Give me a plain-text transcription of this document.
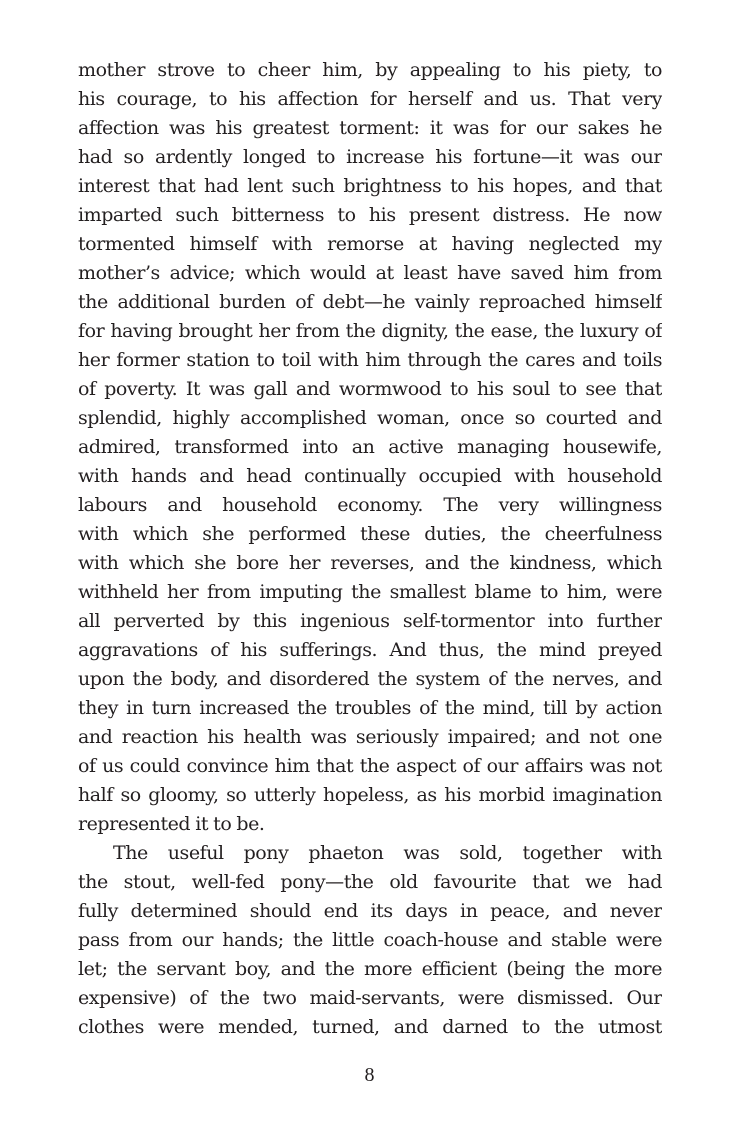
mother strove to cheer him, by appealing to his piety, to
his courage, to his affection for herself and us. That very
affection was his greatest torment: it was for our sakes he
had so ardently longed to increase his fortune—it was our
interest that had lent such brightness to his hopes, and that
imparted such bitterness to his present distress. He now
tormented himself with remorse at having neglected my
mother’s advice; which would at least have saved him from
the additional burden of debt—he vainly reproached himself
for having brought her from the dignity, the ease, the luxury of
her former station to toil with him through the cares and toils
of poverty. It was gall and wormwood to his soul to see that
splendid, highly accomplished woman, once so courted and
admired, transformed into an active managing housewife,
with hands and head continually occupied with household
labours and household economy. The very willingness
with which she performed these duties, the cheerfulness
with which she bore her reverses, and the kindness, which
withheld her from imputing the smallest blame to him, were
all perverted by this ingenious self-tormentor into further
aggravations of his sufferings. And thus, the mind preyed
upon the body, and disordered the system of the nerves, and
they in turn increased the troubles of the mind, till by action
and reaction his health was seriously impaired; and not one
of us could convince him that the aspect of our affairs was not
half so gloomy, so utterly hopeless, as his morbid imagination
represented it to be.
The useful pony phaeton was sold, together with
the stout, well-fed pony—the old favourite that we had
fully determined should end its days in peace, and never
pass from our hands; the little coach-house and stable were
let; the servant boy, and the more efficient (being the more
expensive) of the two maid-servants, were dismissed. Our
clothes were mended, turned, and darned to the utmost
8
